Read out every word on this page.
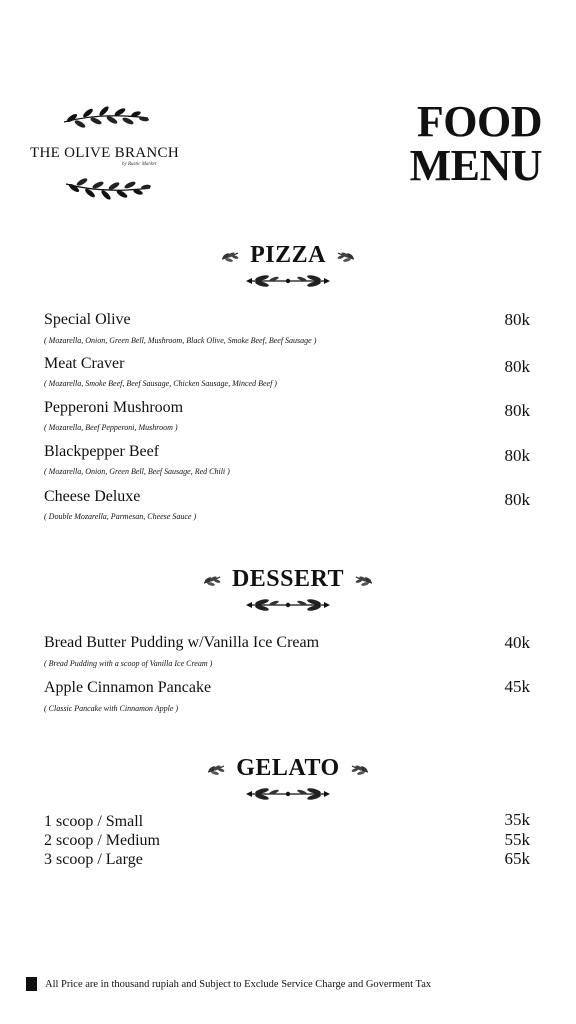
THE OLIVE BRANCH
by Rustic Market
FOOD
MENU
PIZZA
Special Olive
( Mozarella, Onion, Green Bell, Mushroom, Black Olive, Smoke Beef, Beef Sausage )
80k
Meat Craver
( Mozarella, Smoke Beef, Beef Sausage, Chicken Sausage, Minced Beef )
80k
Pepperoni Mushroom
( Mozarella, Beef Pepperoni, Mushroom )
80k
Blackpepper Beef
( Mozarella, Onion, Green Bell, Beef Sausage, Red Chili )
80k
Cheese Deluxe
( Double Mozarella, Parmesan, Cheese Sauce )
80k
DESSERT
Bread Butter Pudding w/Vanilla Ice Cream
( Bread Pudding with a scoop of Vanilla Ice Cream )
40k
Apple Cinnamon Pancake
( Classic Pancake with Cinnamon Apple )
45k
GELATO
1 scoop / Small	35k
2 scoop / Medium	55k
3 scoop / Large	65k
All Price are in thousand rupiah and Subject to Exclude Service Charge and Goverment Tax
